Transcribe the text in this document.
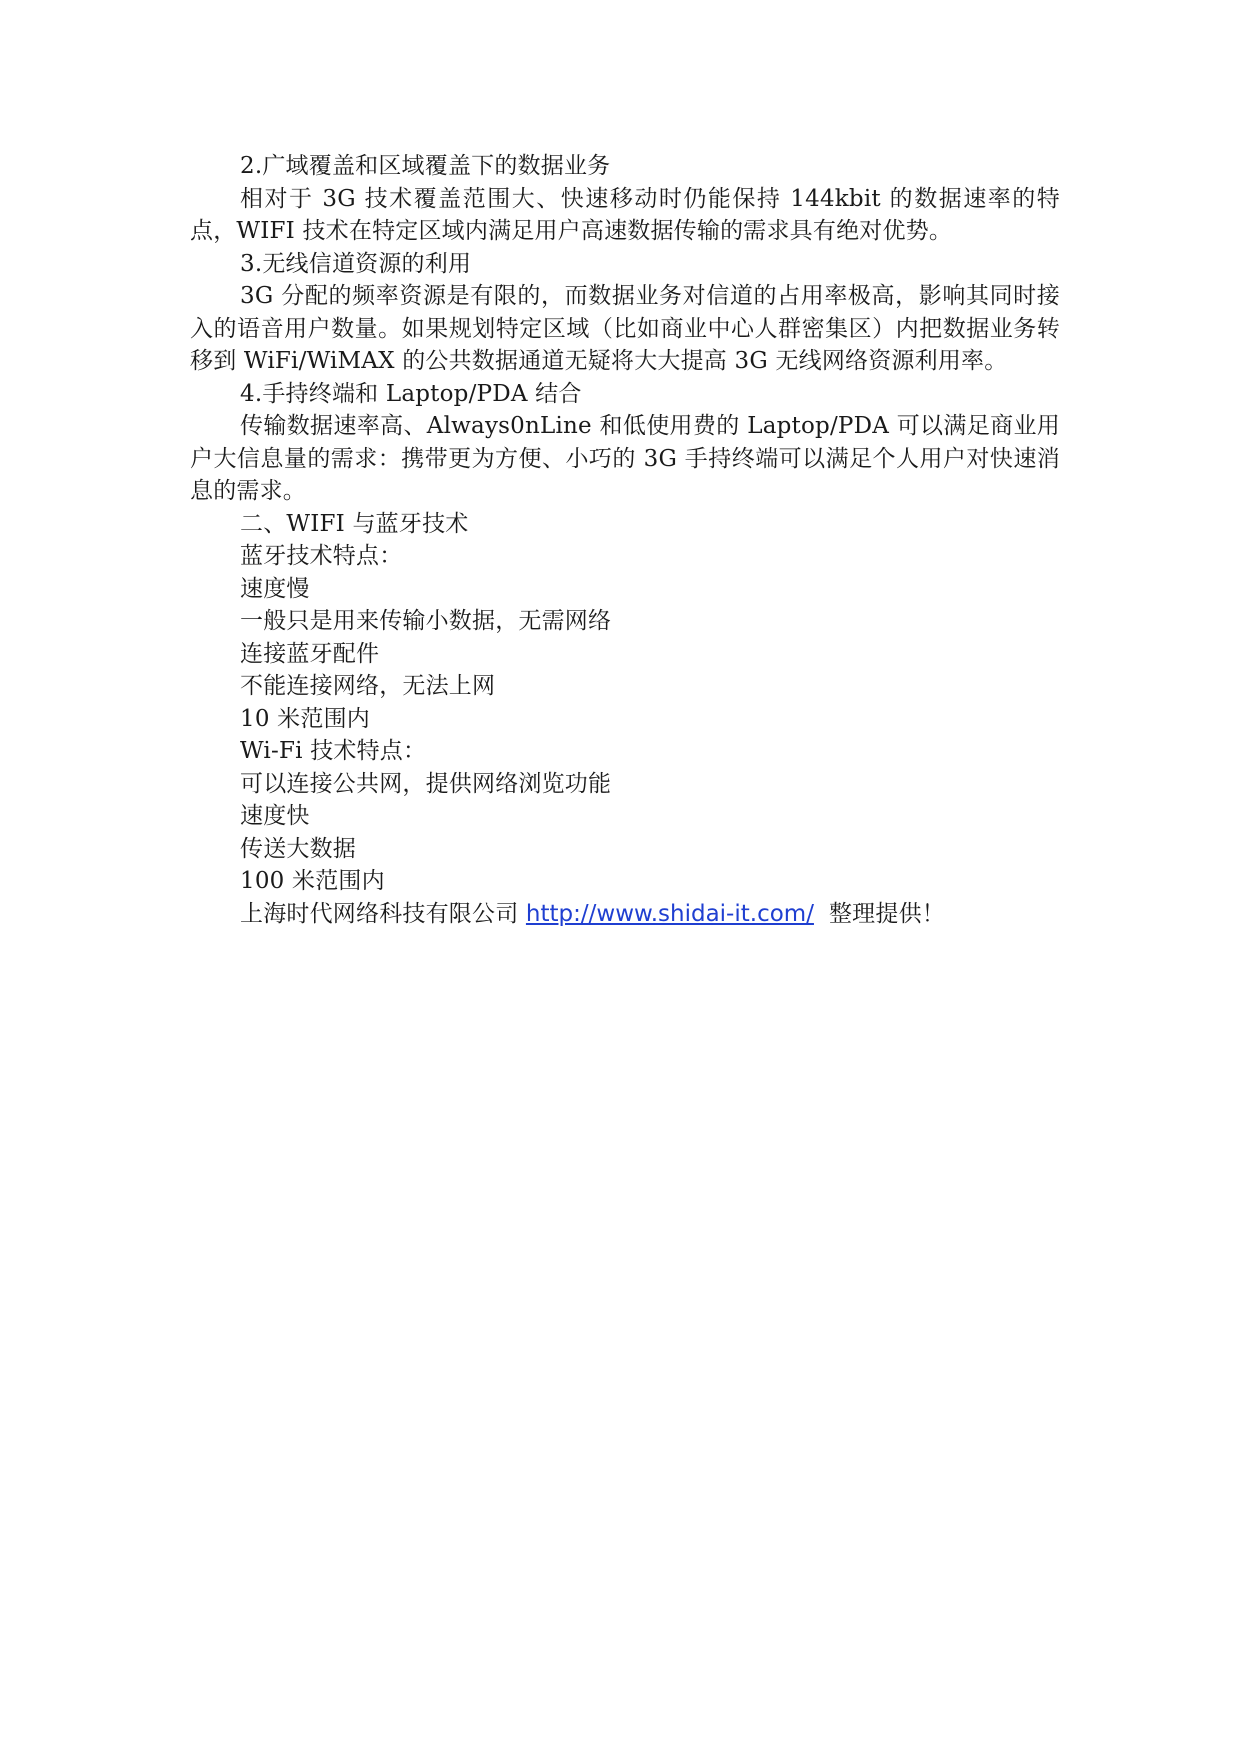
2.广域覆盖和区域覆盖下的数据业务

相对于 3G 技术覆盖范围大、快速移动时仍能保持 144kbit 的数据速率的特点，WIFI 技术在特定区域内满足用户高速数据传输的需求具有绝对优势。

3.无线信道资源的利用

3G 分配的频率资源是有限的，而数据业务对信道的占用率极高，影响其同时接入的语音用户数量。如果规划特定区域（比如商业中心人群密集区）内把数据业务转移到 WiFi/WiMAX 的公共数据通道无疑将大大提高 3G 无线网络资源利用率。

4.手持终端和 Laptop/PDA 结合

传输数据速率高、Always0nLine 和低使用费的 Laptop/PDA 可以满足商业用户大信息量的需求：携带更为方便、小巧的 3G 手持终端可以满足个人用户对快速消息的需求。

二、WIFI 与蓝牙技术

蓝牙技术特点：

速度慢

一般只是用来传输小数据，无需网络

连接蓝牙配件

不能连接网络，无法上网

10 米范围内

Wi-Fi 技术特点：

可以连接公共网，提供网络浏览功能

速度快

传送大数据

100 米范围内

上海时代网络科技有限公司 http://www.shidai-it.com/ 整理提供！
